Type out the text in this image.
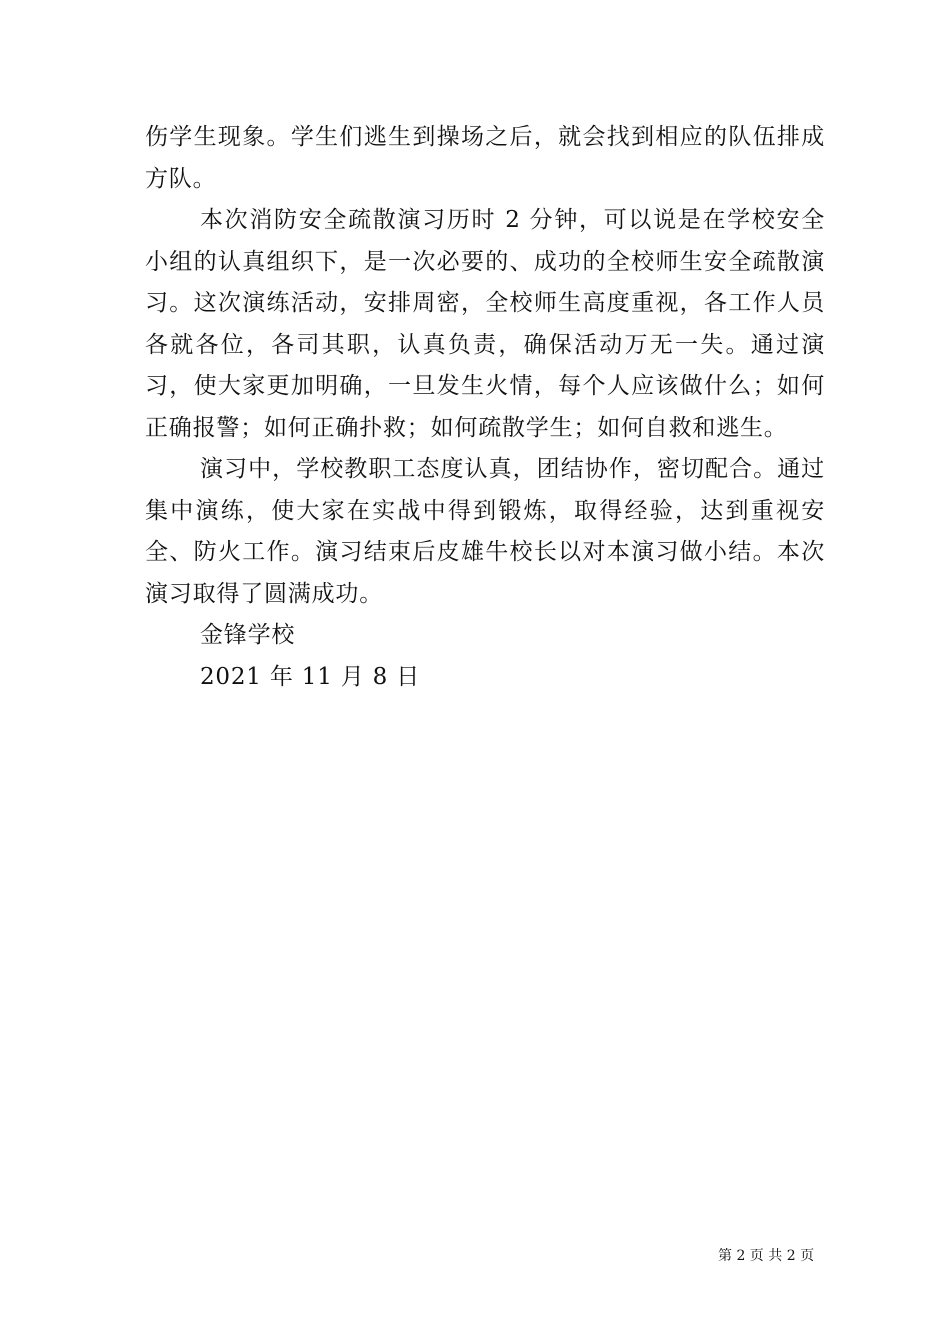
伤学生现象。学生们逃生到操场之后，就会找到相应的队伍排成方队。

本次消防安全疏散演习历时 2 分钟，可以说是在学校安全小组的认真组织下，是一次必要的、成功的全校师生安全疏散演习。这次演练活动，安排周密，全校师生高度重视，各工作人员各就各位，各司其职，认真负责，确保活动万无一失。通过演习，使大家更加明确，一旦发生火情，每个人应该做什么；如何正确报警；如何正确扑救；如何疏散学生；如何自救和逃生。

演习中，学校教职工态度认真，团结协作，密切配合。通过集中演练，使大家在实战中得到锻炼，取得经验，达到重视安全、防火工作。演习结束后皮雄牛校长以对本演习做小结。本次演习取得了圆满成功。

金锋学校

2021 年 11 月 8 日

第 2 页 共 2 页
